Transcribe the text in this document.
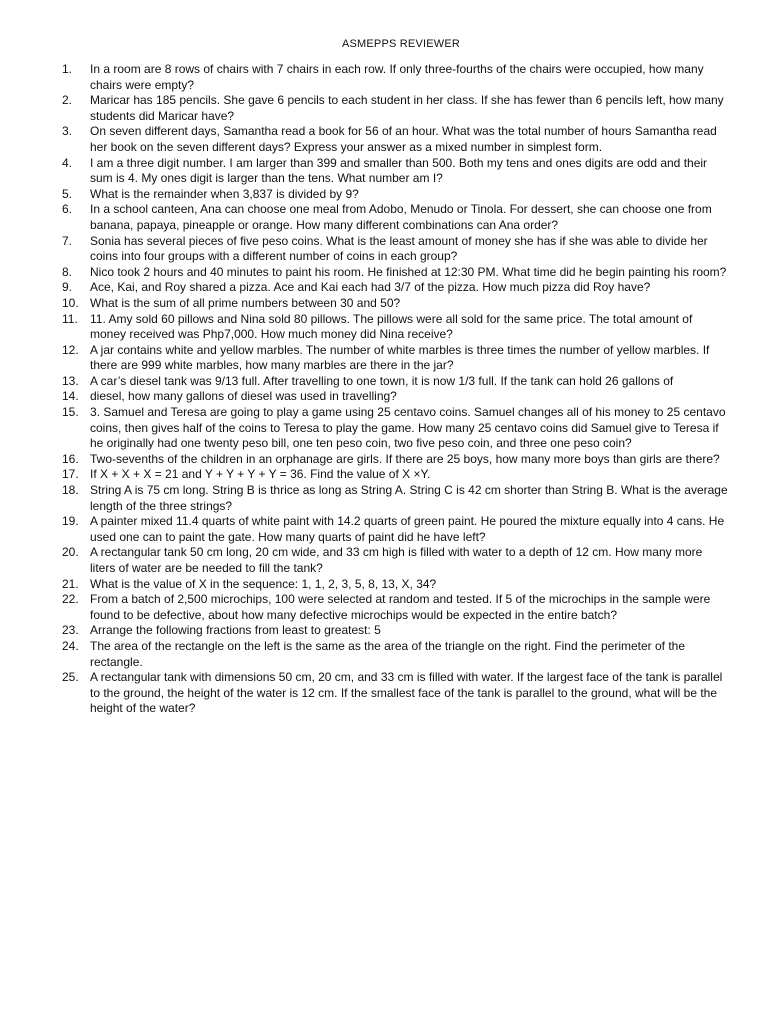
ASMEPPS REVIEWER
1.	In a room are 8 rows of chairs with 7 chairs in each row. If only three-fourths of the chairs were occupied, how many chairs were empty?
2.	Maricar has 185 pencils. She gave 6 pencils to each student in her class. If she has fewer than 6 pencils left, how many students did Maricar have?
3.	On seven different days, Samantha read a book for 56 of an hour. What was the total number of hours Samantha read her book on the seven different days? Express your answer as a mixed number in simplest form.
4.	I am a three digit number. I am larger than 399 and smaller than 500. Both my tens and ones digits are odd and their sum is 4. My ones digit is larger than the tens. What number am I?
5.	What is the remainder when 3,837 is divided by 9?
6.	In a school canteen, Ana can choose one meal from Adobo, Menudo or Tinola. For dessert, she can choose one from banana, papaya, pineapple or orange. How many different combinations can Ana order?
7.	Sonia has several pieces of five peso coins. What is the least amount of money she has if she was able to divide her coins into four groups with a different number of coins in each group?
8.	Nico took 2 hours and 40 minutes to paint his room. He finished at 12:30 PM. What time did he begin painting his room?
9.	Ace, Kai, and Roy shared a pizza. Ace and Kai each had 3/7 of the pizza. How much pizza did Roy have?
10. What is the sum of all prime numbers between 30 and 50?
11.	11. Amy sold 60 pillows and Nina sold 80 pillows. The pillows were all sold for the same price. The total amount of money received was Php7,000. How much money did Nina receive?
12. A jar contains white and yellow marbles. The number of white marbles is three times the number of yellow marbles. If there are 999 white marbles, how many marbles are there in the jar?
13. A car’s diesel tank was 9/13 full. After travelling to one town, it is now 1/3 full. If the tank can hold 26 gallons of
14. diesel, how many gallons of diesel was used in travelling?
15. 3. Samuel and Teresa are going to play a game using 25 centavo coins. Samuel changes all of his money to 25 centavo coins, then gives half of the coins to Teresa to play the game. How many 25 centavo coins did Samuel give to Teresa if he originally had one twenty peso bill, one ten peso coin, two five peso coin, and three one peso coin?
16. Two-sevenths of the children in an orphanage are girls. If there are 25 boys, how many more boys than girls are there?
17. If X + X + X = 21 and Y + Y + Y + Y = 36. Find the value of X ×Y.
18. String A is 75 cm long. String B is thrice as long as String A. String C is 42 cm shorter than String B. What is the average length of the three strings?
19. A painter mixed 11.4 quarts of white paint with 14.2 quarts of green paint. He poured the mixture equally into 4 cans. He used one can to paint the gate. How many quarts of paint did he have left?
20. A rectangular tank 50 cm long, 20 cm wide, and 33 cm high is filled with water to a depth of 12 cm. How many more liters of water are be needed to fill the tank?
21. What is the value of X in the sequence: 1, 1, 2, 3, 5, 8, 13, X, 34?
22. From a batch of 2,500 microchips, 100 were selected at random and tested. If 5 of the microchips in the sample were found to be defective, about how many defective microchips would be expected in the entire batch?
23. Arrange the following fractions from least to greatest: 5
24. The area of the rectangle on the left is the same as the area of the triangle on the right. Find the perimeter of the rectangle.
25. A rectangular tank with dimensions 50 cm, 20 cm, and 33 cm is filled with water. If the largest face of the tank is parallel to the ground, the height of the water is 12 cm. If the smallest face of the tank is parallel to the ground, what will be the height of the water?
